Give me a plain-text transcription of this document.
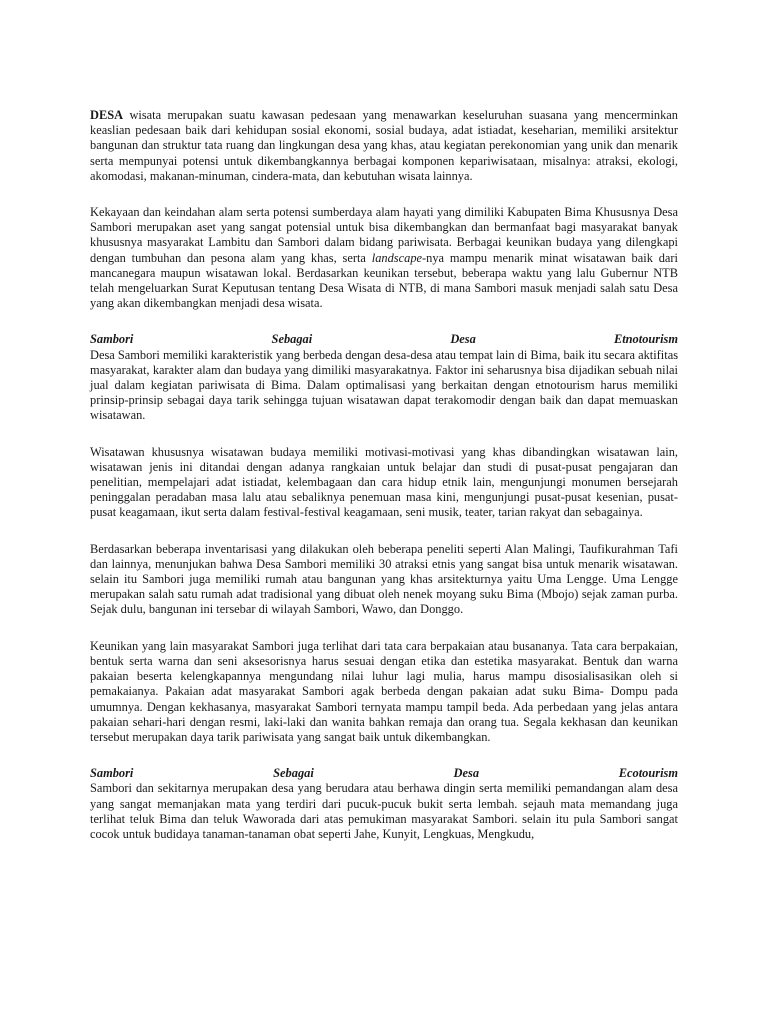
DESA wisata merupakan suatu kawasan pedesaan yang menawarkan keseluruhan suasana yang mencerminkan keaslian pedesaan baik dari kehidupan sosial ekonomi, sosial budaya, adat istiadat, keseharian, memiliki arsitektur bangunan dan struktur tata ruang dan lingkungan desa yang khas, atau kegiatan perekonomian yang unik dan menarik serta mempunyai potensi untuk dikembangkannya berbagai komponen kepariwisataan, misalnya: atraksi, ekologi, akomodasi, makanan-minuman, cindera-mata, dan kebutuhan wisata lainnya.

Kekayaan dan keindahan alam serta potensi sumberdaya alam hayati yang dimiliki Kabupaten Bima Khususnya Desa Sambori merupakan aset yang sangat potensial untuk bisa dikembangkan dan bermanfaat bagi masyarakat banyak khususnya masyarakat Lambitu dan Sambori dalam bidang pariwisata. Berbagai keunikan budaya yang dilengkapi dengan tumbuhan dan pesona alam yang khas, serta landscape-nya mampu menarik minat wisatawan baik dari mancanegara maupun wisatawan lokal. Berdasarkan keunikan tersebut, beberapa waktu yang lalu Gubernur NTB telah mengeluarkan Surat Keputusan tentang Desa Wisata di NTB, di mana Sambori masuk menjadi salah satu Desa yang akan dikembangkan menjadi desa wisata.

Sambori	Sebagai	Desa	Etnotourism

Desa Sambori memiliki karakteristik yang berbeda dengan desa-desa atau tempat lain di Bima, baik itu secara aktifitas masyarakat, karakter alam dan budaya yang dimiliki masyarakatnya. Faktor ini seharusnya bisa dijadikan sebuah nilai jual dalam kegiatan pariwisata di Bima. Dalam optimalisasi yang berkaitan dengan etnotourism harus memiliki prinsip-prinsip sebagai daya tarik sehingga tujuan wisatawan dapat terakomodir dengan baik dan dapat memuaskan wisatawan.

Wisatawan khususnya wisatawan budaya memiliki motivasi-motivasi yang khas dibandingkan wisatawan lain, wisatawan jenis ini ditandai dengan adanya rangkaian untuk belajar dan studi di pusat-pusat pengajaran dan penelitian, mempelajari adat istiadat, kelembagaan dan cara hidup etnik lain, mengunjungi monumen bersejarah peninggalan peradaban masa lalu atau sebaliknya penemuan masa kini, mengunjungi pusat-pusat kesenian, pusat-pusat keagamaan, ikut serta dalam festival-festival keagamaan, seni musik, teater, tarian rakyat dan sebagainya.

Berdasarkan beberapa inventarisasi yang dilakukan oleh beberapa peneliti seperti Alan Malingi, Taufikurahman Tafi dan lainnya, menunjukan bahwa Desa Sambori memiliki 30 atraksi etnis yang sangat bisa untuk menarik wisatawan. selain itu Sambori juga memiliki rumah atau bangunan yang khas arsitekturnya yaitu Uma Lengge. Uma Lengge merupakan salah satu rumah adat tradisional yang dibuat oleh nenek moyang suku Bima (Mbojo) sejak zaman purba. Sejak dulu, bangunan ini tersebar di wilayah Sambori, Wawo, dan Donggo.

Keunikan yang lain masyarakat Sambori juga terlihat dari tata cara berpakaian atau busananya. Tata cara berpakaian, bentuk serta warna dan seni aksesorisnya harus sesuai dengan etika dan estetika masyarakat. Bentuk dan warna pakaian beserta kelengkapannya mengundang nilai luhur lagi mulia, harus mampu disosialisasikan oleh si pemakaianya. Pakaian adat masyarakat Sambori agak berbeda dengan pakaian adat suku Bima- Dompu pada umumnya. Dengan kekhasanya, masyarakat Sambori ternyata mampu tampil beda. Ada perbedaan yang jelas antara pakaian sehari-hari dengan resmi, laki-laki dan wanita bahkan remaja dan orang tua. Segala kekhasan dan keunikan tersebut merupakan daya tarik pariwisata yang sangat baik untuk dikembangkan.

Sambori	Sebagai	Desa	Ecotourism

Sambori dan sekitarnya merupakan desa yang berudara atau berhawa dingin serta memiliki pemandangan alam desa yang sangat memanjakan mata yang terdiri dari pucuk-pucuk bukit serta lembah. sejauh mata memandang juga terlihat teluk Bima dan teluk Waworada dari atas pemukiman masyarakat Sambori. selain itu pula Sambori sangat cocok untuk budidaya tanaman-tanaman obat seperti Jahe, Kunyit, Lengkuas, Mengkudu,
